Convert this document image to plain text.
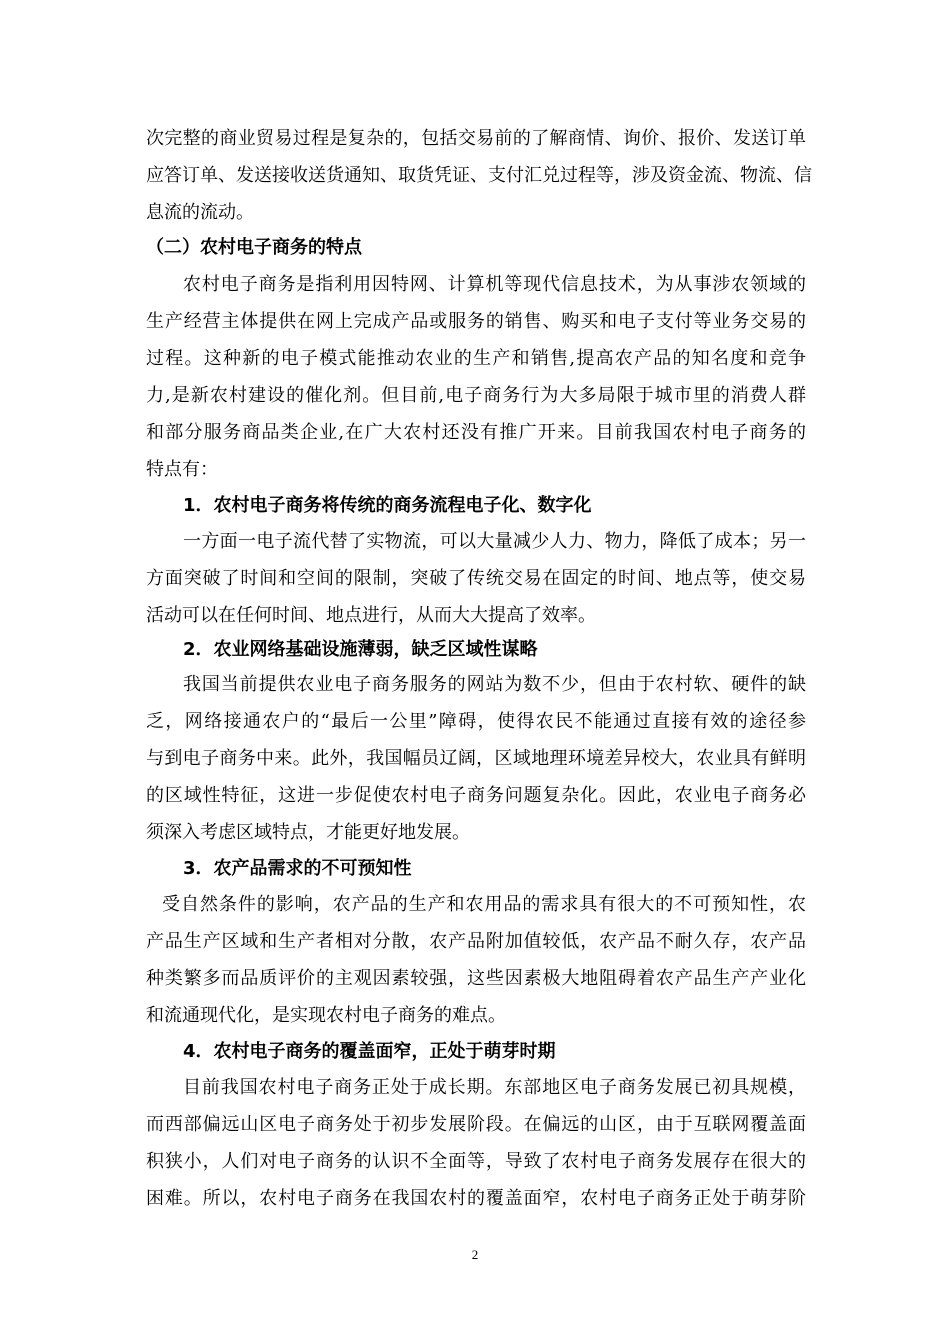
次完整的商业贸易过程是复杂的，包括交易前的了解商情、询价、报价、发送订单
应答订单、发送接收送货通知、取货凭证、支付汇兑过程等，涉及资金流、物流、信
息流的流动。
（二）农村电子商务的特点
农村电子商务是指利用因特网、计算机等现代信息技术，为从事涉农领域的
生产经营主体提供在网上完成产品或服务的销售、购买和电子支付等业务交易的
过程。这种新的电子模式能推动农业的生产和销售,提高农产品的知名度和竞争
力,是新农村建设的催化剂。但目前,电子商务行为大多局限于城市里的消费人群
和部分服务商品类企业,在广大农村还没有推广开来。目前我国农村电子商务的
特点有：
1．农村电子商务将传统的商务流程电子化、数字化
一方面一电子流代替了实物流，可以大量减少人力、物力，降低了成本；另一
方面突破了时间和空间的限制，突破了传统交易在固定的时间、地点等，使交易
活动可以在任何时间、地点进行，从而大大提高了效率。
2．农业网络基础设施薄弱，缺乏区域性谋略
我国当前提供农业电子商务服务的网站为数不少，但由于农村软、硬件的缺
乏，网络接通农户的“最后一公里”障碍，使得农民不能通过直接有效的途径参
与到电子商务中来。此外，我国幅员辽阔，区域地理环境差异校大，农业具有鲜明
的区域性特征，这进一步促使农村电子商务问题复杂化。因此，农业电子商务必
须深入考虑区域特点，才能更好地发展。
3．农产品需求的不可预知性
受自然条件的影响，农产品的生产和农用品的需求具有很大的不可预知性，农
产品生产区域和生产者相对分散，农产品附加值较低，农产品不耐久存，农产品
种类繁多而品质评价的主观因素较强，这些因素极大地阻碍着农产品生产产业化
和流通现代化，是实现农村电子商务的难点。
4．农村电子商务的覆盖面窄，正处于萌芽时期
目前我国农村电子商务正处于成长期。东部地区电子商务发展已初具规模，
而西部偏远山区电子商务处于初步发展阶段。在偏远的山区，由于互联网覆盖面
积狭小，人们对电子商务的认识不全面等，导致了农村电子商务发展存在很大的
困难。所以，农村电子商务在我国农村的覆盖面窄，农村电子商务正处于萌芽阶
2
